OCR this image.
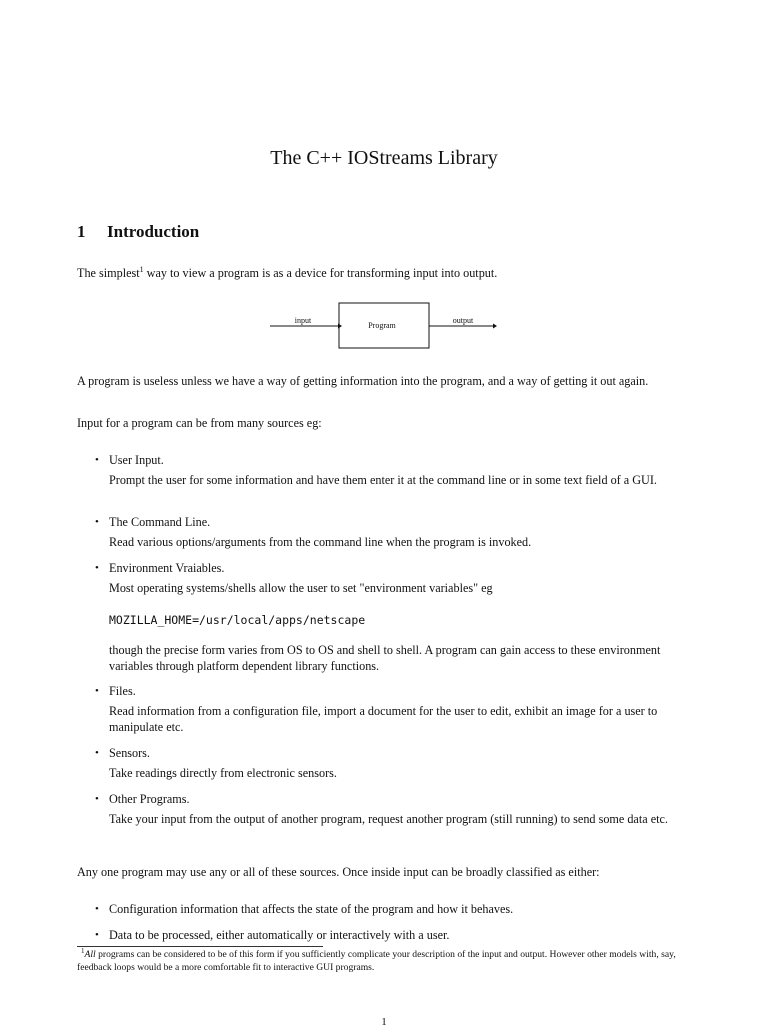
The C++ IOStreams Library
1 Introduction
The simplest$^1$ way to view a program is as a device for transforming input into output.
input
Program
output
A program is useless unless we have a way of getting information into the program, and a way of getting it out again.
Input for a program can be from many sources eg:
• User Input.
Prompt the user for some information and have them enter it at the command line or in some text field of a GUI.
• The Command Line.
Read various options/arguments from the command line when the program is invoked.
• Environment Vraiables.
Most operating systems/shells allow the user to set "environment variables" eg
MOZILLA_HOME=/usr/local/apps/netscape
though the precise form varies from OS to OS and shell to shell. A program can gain access to these environment variables through platform dependent library functions.
• Files.
Read information from a configuration file, import a document for the user to edit, exhibit an image for a user to manipulate etc.
• Sensors.
Take readings directly from electronic sensors.
• Other Programs.
Take your input from the output of another program, request another program (still running) to send some data etc.
Any one program may use any or all of these sources. Once inside input can be broadly classified as either:
• Configuration information that affects the state of the program and how it behaves.
• Data to be processed, either automatically or interactively with a user.
$^1$All programs can be considered to be of this form if you sufficiently complicate your description of the input and output. However other models with, say, feedback loops would be a more comfortable fit to interactive GUI programs.
1
